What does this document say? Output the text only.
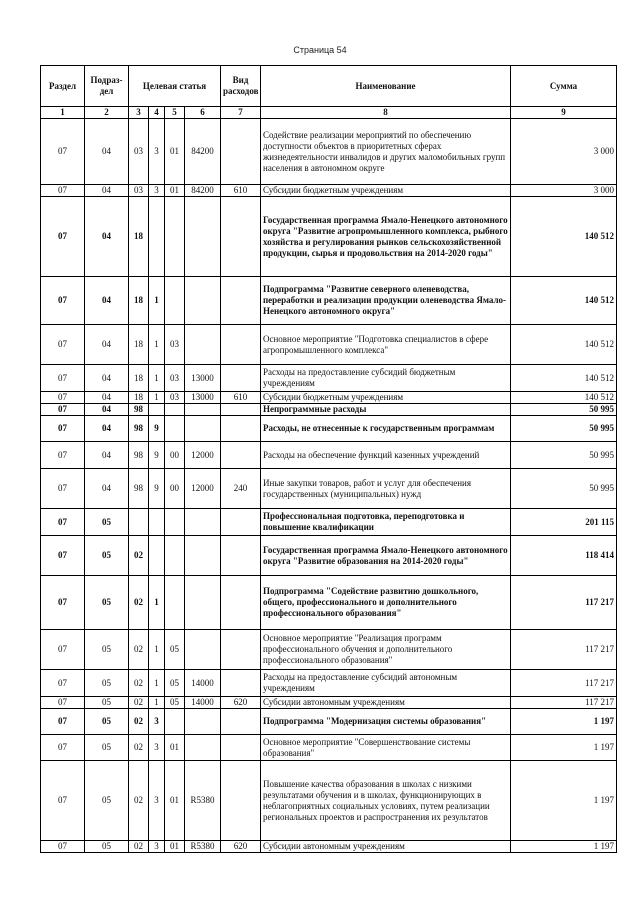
Страница 54
Раздел	Подраз-дел	Целевая статья				Вид расходов	Наименование	Сумма
1	2	3	4	5	6	7	8	9
07	04	03	3	01	84200		Содействие реализации мероприятий по обеспечению доступности объектов в приоритетных сферах жизнедеятельности инвалидов и других маломобильных групп населения в автономном округе	3 000
07	04	03	3	01	84200	610	Субсидии бюджетным учреждениям	3 000
07	04	18					Государственная программа Ямало-Ненецкого автономного округа "Развитие агропромышленного комплекса, рыбного хозяйства и регулирования рынков сельскохозяйственной продукции, сырья и продовольствия на 2014-2020 годы"	140 512
07	04	18	1				Подпрограмма "Развитие северного оленеводства, переработки и реализации продукции оленеводства Ямало-Ненецкого автономного округа"	140 512
07	04	18	1	03			Основное мероприятие "Подготовка специалистов в сфере агропромышленного комплекса"	140 512
07	04	18	1	03	13000		Расходы на предоставление субсидий бюджетным учреждениям	140 512
07	04	18	1	03	13000	610	Субсидии бюджетным учреждениям	140 512
07	04	98					Непрограммные расходы	50 995
07	04	98	9				Расходы, не отнесенные к государственным программам	50 995
07	04	98	9	00	12000		Расходы на обеспечение функций казенных учреждений	50 995
07	04	98	9	00	12000	240	Иные закупки товаров, работ и услуг для обеспечения государственных (муниципальных) нужд	50 995
07	05						Профессиональная подготовка, переподготовка и повышение квалификации	201 115
07	05	02					Государственная программа Ямало-Ненецкого автономного округа "Развитие образования на 2014-2020 годы"	118 414
07	05	02	1				Подпрограмма "Содействие развитию дошкольного, общего, профессионального и дополнительного профессионального образования"	117 217
07	05	02	1	05			Основное мероприятие "Реализация программ профессионального обучения и дополнительного профессионального образования"	117 217
07	05	02	1	05	14000		Расходы на предоставление субсидий автономным учреждениям	117 217
07	05	02	1	05	14000	620	Субсидии автономным учреждениям	117 217
07	05	02	3				Подпрограмма "Модернизация системы образования"	1 197
07	05	02	3	01			Основное мероприятие "Совершенствование системы образования"	1 197
07	05	02	3	01	R5380		Повышение качества образования в школах с низкими результатами обучения и в школах, функционирующих в неблагоприятных социальных условиях, путем реализации региональных проектов и распространения их результатов	1 197
07	05	02	3	01	R5380	620	Субсидии автономным учреждениям	1 197
